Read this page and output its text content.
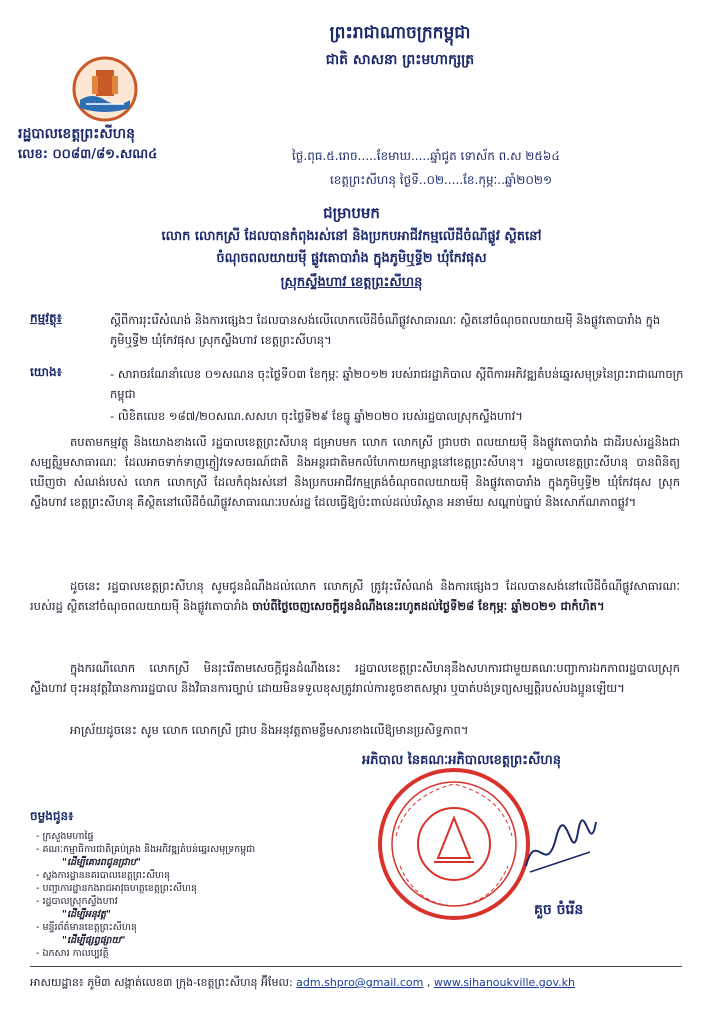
ព្រះរាជាណាចក្រកម្ពុជា
ជាតិ សាសនា ព្រះមហាក្សត្រ
រដ្ឋបាលខេត្តព្រះសីហនុ
លេខ: ០០៨៣/៨១.សណ៤	ថ្ងៃ.ពុធ.៥.រោច.....ខែមាឃ.....ឆ្នាំជូត ទោស័ក ព.ស ២៥៦៤
ខេត្តព្រះសីហនុ ថ្ងៃទី..០២.....ខែ.កុម្ភៈ..ឆ្នាំ២០២១
ជម្រាបមក
លោក លោកស្រី ដែលបានកំពុងរស់នៅ និងប្រកបអាជីវកម្មលើដីចំណីផ្លូវ ស្ថិតនៅ
ចំណុចពលយាយម៉ី ផ្លូវតោបារាំង ក្នុងភូមិឬទ្ធី២ ឃុំកែវផុស
ស្រុកស្ទឹងហាវ ខេត្តព្រះសីហនុ
កម្មវត្ថុ៖	ស្តីពីការរុះរើសំណង់ និងការផ្សេងៗ ដែលបានសង់លើលោកលើដីចំណីផ្លូវសាធារណៈ ស្ថិតនៅចំណុចពលយាយម៉ី និងផ្លូវតោបារាំង ក្នុងភូមិឬទ្ធី២ ឃុំកែវផុស ស្រុកស្ទឹងហាវ ខេត្តព្រះសីហនុ។
យោង៖	- សារាចរណែនាំលេខ ០១សណន ចុះថ្ងៃទី០៣ ខែកុម្ភៈ ឆ្នាំ២០១២ របស់រាជរដ្ឋាភិបាល ស្តីពីការអភិវឌ្ឍតំបន់ឆ្នេរសមុទ្រនៃព្រះរាជាណាចក្រកម្ពុជា
- លិខិតលេខ ១៨៧/២០សណ.សសហ ចុះថ្ងៃទី២៩ ខែធ្នូ ឆ្នាំ២០២០ របស់រដ្ឋបាលស្រុកស្ទឹងហាវ។
តបតាមកម្មវត្ថុ និងយោងខាងលើ រដ្ឋបាលខេត្តព្រះសីហនុ ជម្រាបមក លោក លោកស្រី ជ្រាបថា ពលយាយម៉ី និងផ្លូវតោបារាំង ជាដីរបស់រដ្ឋនិងជាសម្បត្តិរួមសាធារណៈ ដែលអាចទាក់ទាញភ្ញៀវទេសចរណ៍ជាតិ និងអន្តរជាតិមកលំហែកាយកម្សាន្តនៅខេត្តព្រះសីហនុ។ រដ្ឋបាលខេត្តព្រះសីហនុ បានពិនិត្យឃើញថា សំណង់របស់ លោក លោកស្រី ដែលកំពុងរស់នៅ និងប្រកបអាជីវកម្មត្រង់ចំណុចពលយាយម៉ី និងផ្លូវតោបារាំង ក្នុងភូមិឬទ្ធី២ ឃុំកែវផុស ស្រុកស្ទឹងហាវ ខេត្តព្រះសីហនុ គឺស្ថិតនៅលើដីចំណីផ្លូវសាធារណៈរបស់រដ្ឋ ដែលធ្វើឱ្យប៉ះពាល់ដល់បរិស្ថាន អនាម័យ សណ្តាប់ធ្នាប់ និងសោភ័ណភាពផ្លូវ។
ដូចនេះ រដ្ឋបាលខេត្តព្រះសីហនុ សូមជូនដំណឹងដល់លោក លោកស្រី ត្រូវរុះរើសំណង់ និងការផ្សេងៗ ដែលបានសង់នៅលើដីចំណីផ្លូវសាធារណៈរបស់រដ្ឋ ស្ថិតនៅចំណុចពលយាយម៉ី និងផ្លូវតោបារាំង ចាប់ពីថ្ងៃចេញសេចក្តីជូនដំណឹងនេះរហូតដល់ថ្ងៃទី២៨ ខែកុម្ភៈ ឆ្នាំ២០២១ ជាកំហិត។
ក្នុងករណីលោក លោកស្រី មិនរុះរើតាមសេចក្តីជូនដំណឹងនេះ រដ្ឋបាលខេត្តព្រះសីហនុនឹងសហការជាមួយគណៈបញ្ជាការឯកភាពរដ្ឋបាលស្រុកស្ទឹងហាវ ចុះអនុវត្តវិធានការរដ្ឋបាល និងវិធានការច្បាប់ ដោយមិនទទួលខុសត្រូវរាល់ការខូចខាតសម្ភារ ឬបាត់បង់ទ្រព្យសម្បត្តិរបស់បងប្អូនឡើយ។
អាស្រ័យដូចនេះ សូម លោក លោកស្រី ជ្រាប និងអនុវត្តតាមខ្លឹមសារខាងលើឱ្យមានប្រសិទ្ធភាព។
អភិបាល នៃគណៈអភិបាលខេត្តព្រះសីហនុ
គួច ចំរើន
ចម្លងជូន៖
- ក្រសួងមហាផ្ទៃ
- គណៈកម្មាធិការជាតិគ្រប់គ្រង និងអភិវឌ្ឍតំបន់ឆ្នេរសមុទ្រកម្ពុជា
"ដើម្បីគោរពជូនជ្រាប"
- ស្នងការដ្ឋាននគរបាលខេត្តព្រះសីហនុ
- បញ្ជាការដ្ឋានកងរាជអាវុធហត្ថខេត្តព្រះសីហនុ
- រដ្ឋបាលស្រុកស្ទឹងហាវ
"ដើម្បីអនុវត្ត"
- មន្ទីរព័ត៌មានខេត្តព្រះសីហនុ
"ដើម្បីផ្សព្វផ្សាយ"
- ឯកសារ កាលប្បវត្តិ
អាសយដ្ឋាន៖ ភូមិ៣ សង្កាត់លេខ៣ ក្រុង-ខេត្តព្រះសីហនុ អ៊ីមែល: adm.shpro@gmail.com , www.sihanoukville.gov.kh
